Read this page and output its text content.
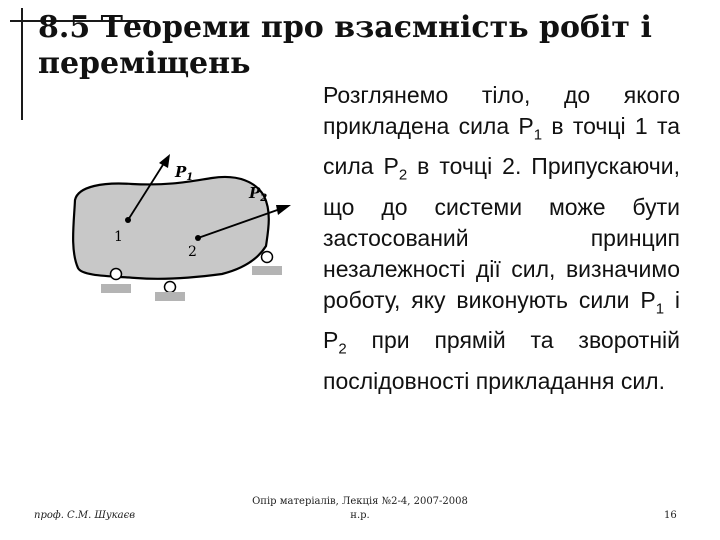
8.5 Теореми про взаємність робіт і переміщень
$P_1$
$P_2$
1
2

Розглянемо тіло, до якого прикладена сила $Р_1$ в точці 1 та сила $Р_2$ в точці 2. Припускаючи, що до системи може бути застосований принцип незалежності дії сил, визначимо роботу, яку виконують сили $Р_1$ і $Р_2$ при прямій та зворотній послідовності прикладання сил.

проф. С.М. Шукаєв
Опір матеріалів, Лекція №2-4, 2007-2008
н.р.	16
